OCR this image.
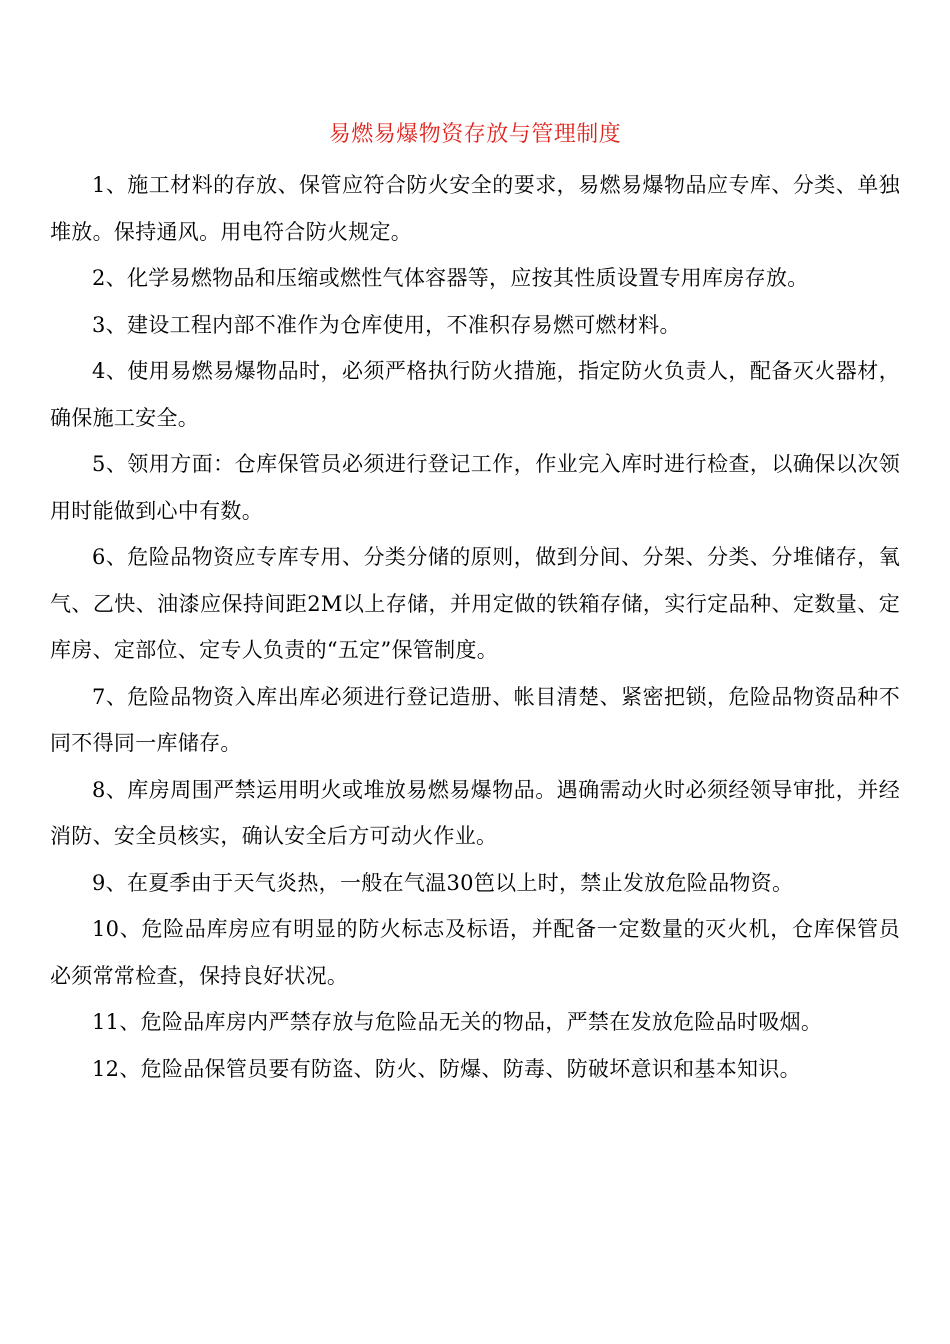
易燃易爆物资存放与管理制度

1、施工材料的存放、保管应符合防火安全的要求，易燃易爆物品应专库、分类、单独堆放。保持通风。用电符合防火规定。

2、化学易燃物品和压缩或燃性气体容器等，应按其性质设置专用库房存放。

3、建设工程内部不准作为仓库使用，不准积存易燃可燃材料。

4、使用易燃易爆物品时，必须严格执行防火措施，指定防火负责人，配备灭火器材，确保施工安全。

5、领用方面：仓库保管员必须进行登记工作，作业完入库时进行检查，以确保以次领用时能做到心中有数。

6、危险品物资应专库专用、分类分储的原则，做到分间、分架、分类、分堆储存，氧气、乙快、油漆应保持间距2M以上存储，并用定做的铁箱存储，实行定品种、定数量、定库房、定部位、定专人负责的“五定”保管制度。

7、危险品物资入库出库必须进行登记造册、帐目清楚、紧密把锁，危险品物资品种不同不得同一库储存。

8、库房周围严禁运用明火或堆放易燃易爆物品。遇确需动火时必须经领导审批，并经消防、安全员核实，确认安全后方可动火作业。

9、在夏季由于天气炎热，一般在气温30笆以上时，禁止发放危险品物资。

10、危险品库房应有明显的防火标志及标语，并配备一定数量的灭火机，仓库保管员必须常常检查，保持良好状况。

11、危险品库房内严禁存放与危险品无关的物品，严禁在发放危险品时吸烟。

12、危险品保管员要有防盗、防火、防爆、防毒、防破坏意识和基本知识。
